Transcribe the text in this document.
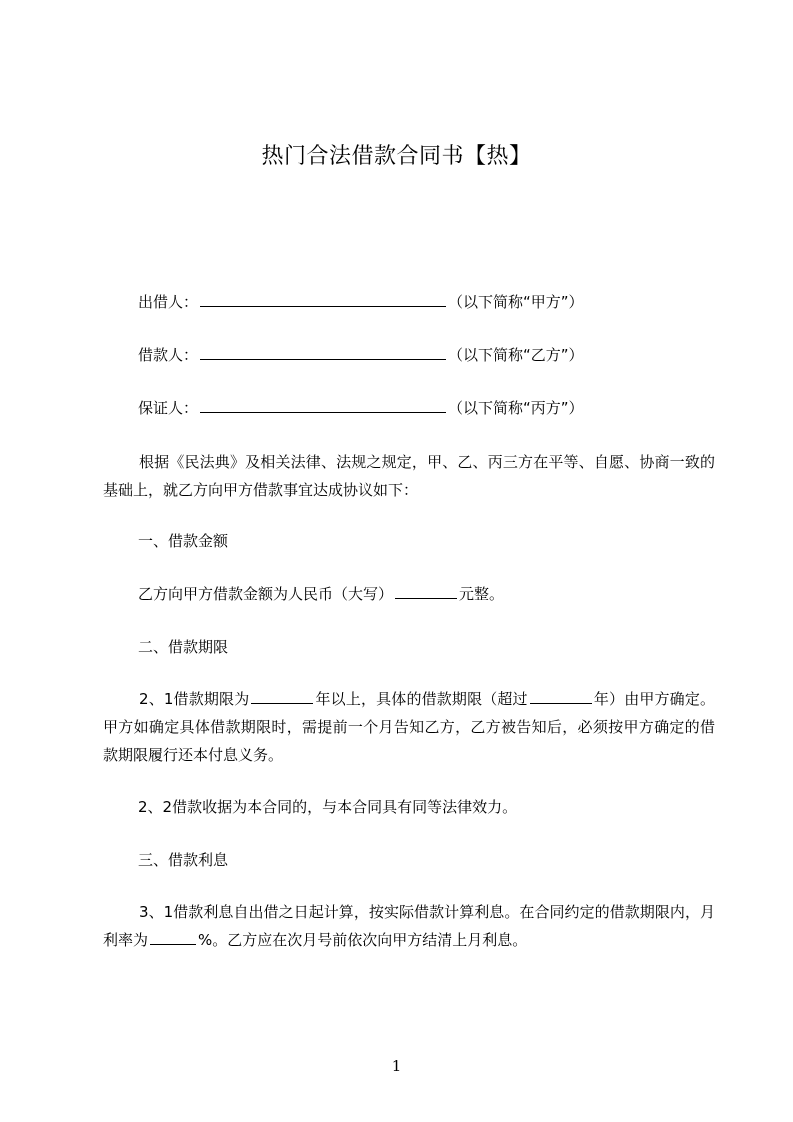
热门合法借款合同书【热】
出借人：	（以下简称“甲方”）
借款人：	（以下简称“乙方”）
保证人：	（以下简称“丙方”）
根据《民法典》及相关法律、法规之规定，甲、乙、丙三方在平等、自愿、协商一致的基础上，就乙方向甲方借款事宜达成协议如下：
一、借款金额
乙方向甲方借款金额为人民币（大写）	元整。
二、借款期限
2、1借款期限为	年以上，具体的借款期限（超过	年）由甲方确定。甲方如确定具体借款期限时，需提前一个月告知乙方，乙方被告知后，必须按甲方确定的借款期限履行还本付息义务。
2、2借款收据为本合同的，与本合同具有同等法律效力。
三、借款利息
3、1借款利息自出借之日起计算，按实际借款计算利息。在合同约定的借款期限内，月利率为	%。乙方应在次月号前依次向甲方结清上月利息。
1
